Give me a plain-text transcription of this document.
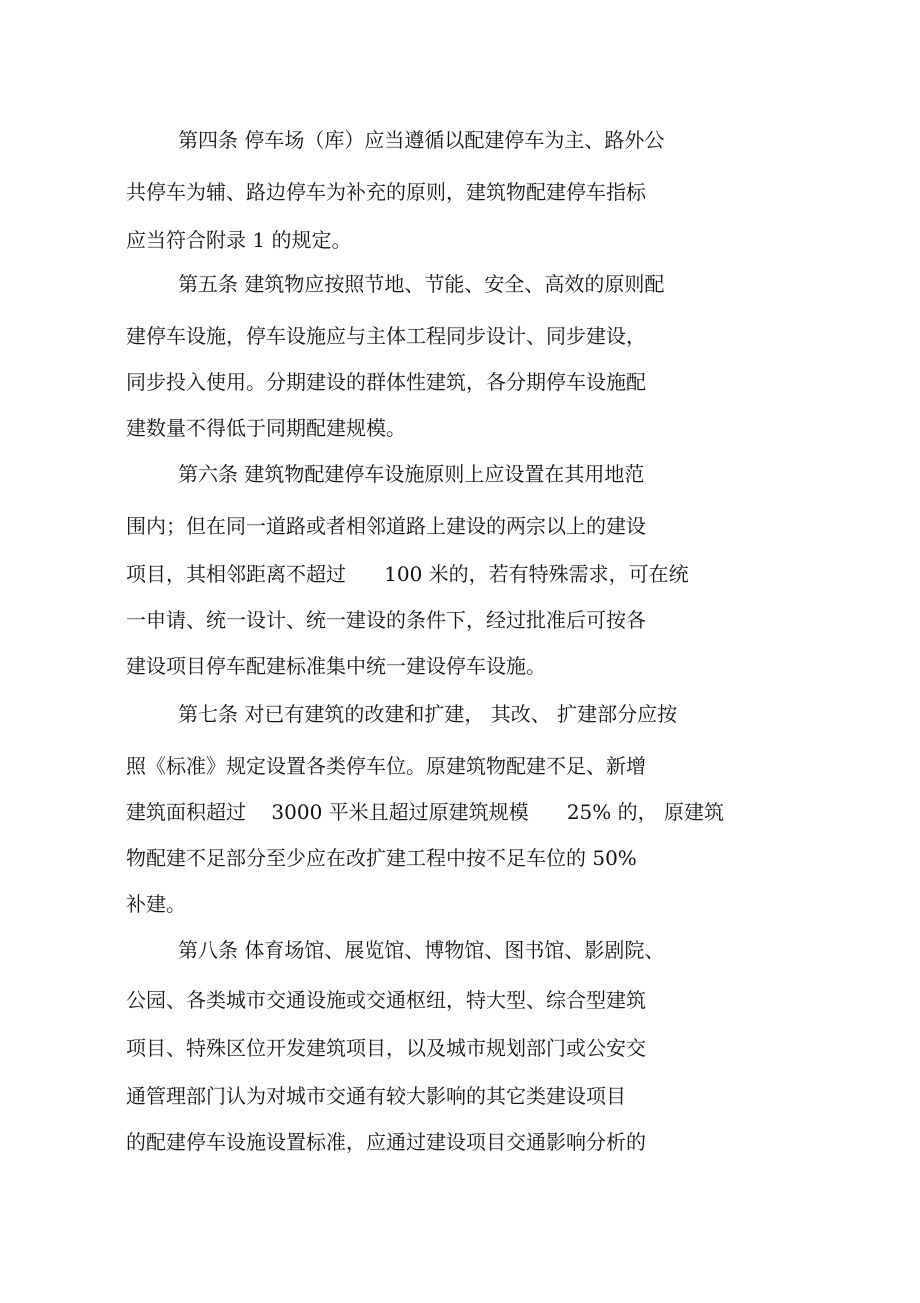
第四条 停车场（库）应当遵循以配建停车为主、路外公
共停车为辅、路边停车为补充的原则，建筑物配建停车指标
应当符合附录 1 的规定。
第五条 建筑物应按照节地、节能、安全、高效的原则配
建停车设施，停车设施应与主体工程同步设计、同步建设，
同步投入使用。分期建设的群体性建筑，各分期停车设施配
建数量不得低于同期配建规模。
第六条 建筑物配建停车设施原则上应设置在其用地范
围内；但在同一道路或者相邻道路上建设的两宗以上的建设
项目，其相邻距离不超过      100 米的，若有特殊需求，可在统
一申请、统一设计、统一建设的条件下，经过批准后可按各
建设项目停车配建标准集中统一建设停车设施。
第七条 对已有建筑的改建和扩建， 其改、 扩建部分应按
照《标准》规定设置各类停车位。原建筑物配建不足、新增
建筑面积超过    3000 平米且超过原建筑规模      25% 的， 原建筑
物配建不足部分至少应在改扩建工程中按不足车位的 50%
补建。
第八条 体育场馆、展览馆、博物馆、图书馆、影剧院、
公园、各类城市交通设施或交通枢纽，特大型、综合型建筑
项目、特殊区位开发建筑项目，以及城市规划部门或公安交
通管理部门认为对城市交通有较大影响的其它类建设项目
的配建停车设施设置标准，应通过建设项目交通影响分析的
